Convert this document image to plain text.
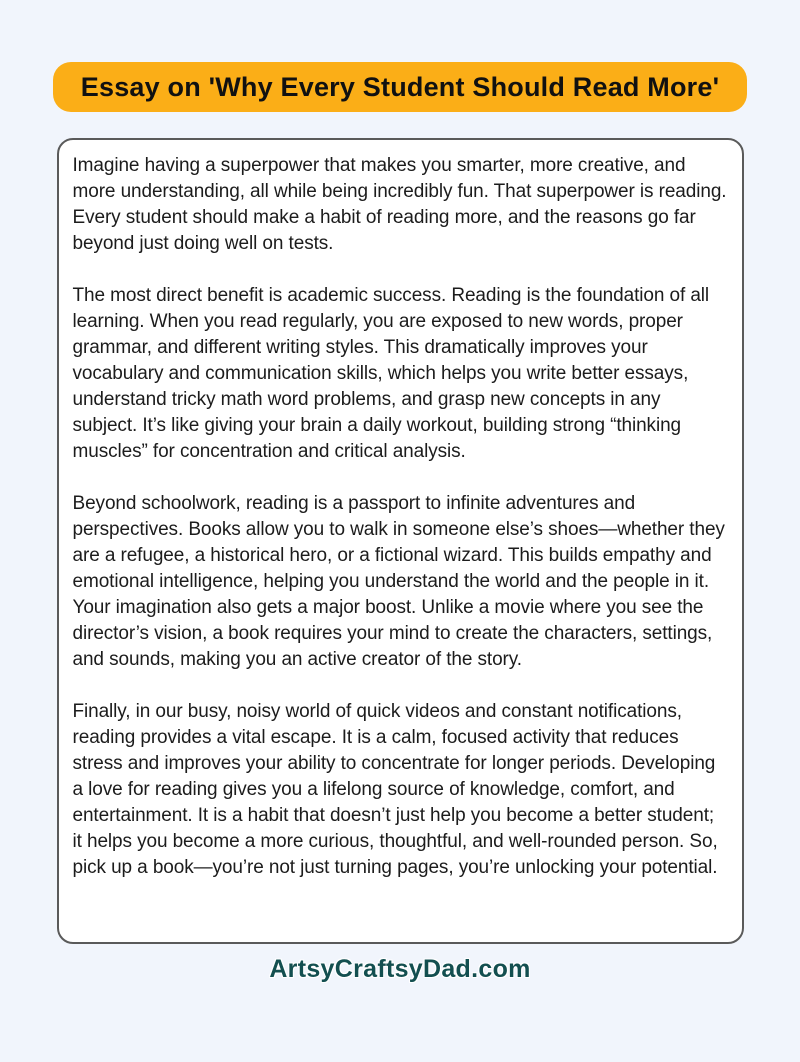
Essay on 'Why Every Student Should Read More'

Imagine having a superpower that makes you smarter, more creative, and more understanding, all while being incredibly fun. That superpower is reading. Every student should make a habit of reading more, and the reasons go far beyond just doing well on tests.

The most direct benefit is academic success. Reading is the foundation of all learning. When you read regularly, you are exposed to new words, proper grammar, and different writing styles. This dramatically improves your vocabulary and communication skills, which helps you write better essays, understand tricky math word problems, and grasp new concepts in any subject. It’s like giving your brain a daily workout, building strong “thinking muscles” for concentration and critical analysis.

Beyond schoolwork, reading is a passport to infinite adventures and perspectives. Books allow you to walk in someone else’s shoes—whether they are a refugee, a historical hero, or a fictional wizard. This builds empathy and emotional intelligence, helping you understand the world and the people in it. Your imagination also gets a major boost. Unlike a movie where you see the director’s vision, a book requires your mind to create the characters, settings, and sounds, making you an active creator of the story.

Finally, in our busy, noisy world of quick videos and constant notifications, reading provides a vital escape. It is a calm, focused activity that reduces stress and improves your ability to concentrate for longer periods. Developing a love for reading gives you a lifelong source of knowledge, comfort, and entertainment. It is a habit that doesn’t just help you become a better student; it helps you become a more curious, thoughtful, and well-rounded person. So, pick up a book—you’re not just turning pages, you’re unlocking your potential.

ArtsyCraftsyDad.com
